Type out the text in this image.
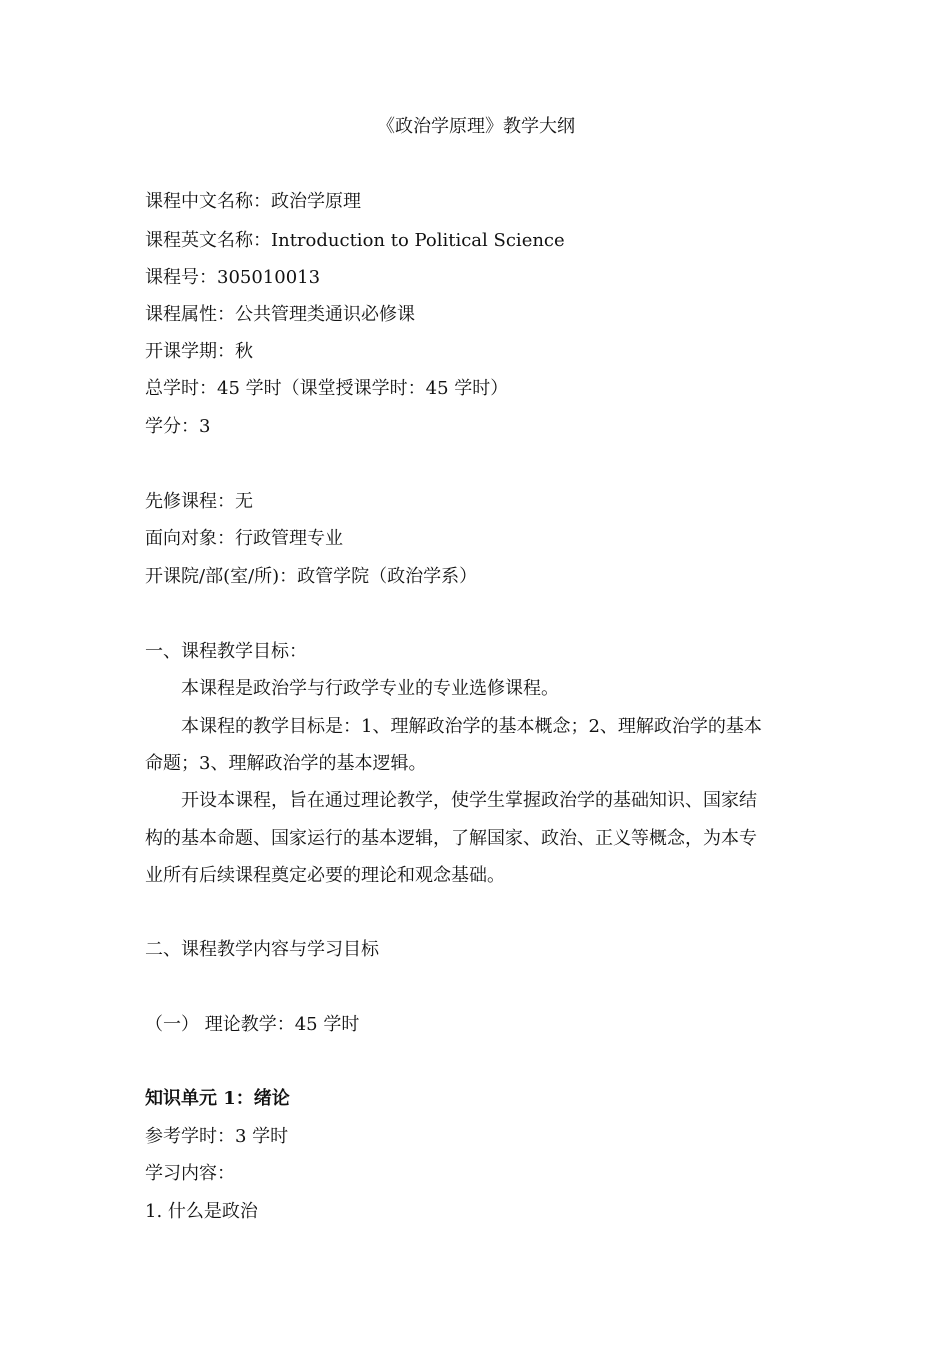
《政治学原理》教学大纲
课程中文名称：政治学原理
课程英文名称：Introduction to Political Science
课程号：305010013
课程属性：公共管理类通识必修课
开课学期：秋
总学时：45 学时（课堂授课学时：45 学时）
学分：3
先修课程：无
面向对象：行政管理专业
开课院/部(室/所)：政管学院（政治学系）
一、课程教学目标：
本课程是政治学与行政学专业的专业选修课程。
本课程的教学目标是：1、理解政治学的基本概念；2、理解政治学的基本
命题；3、理解政治学的基本逻辑。
开设本课程，旨在通过理论教学，使学生掌握政治学的基础知识、国家结
构的基本命题、国家运行的基本逻辑，了解国家、政治、正义等概念，为本专
业所有后续课程奠定必要的理论和观念基础。
二、课程教学内容与学习目标
（一） 理论教学：45 学时
知识单元 1：绪论
参考学时：3 学时
学习内容：
1. 什么是政治
